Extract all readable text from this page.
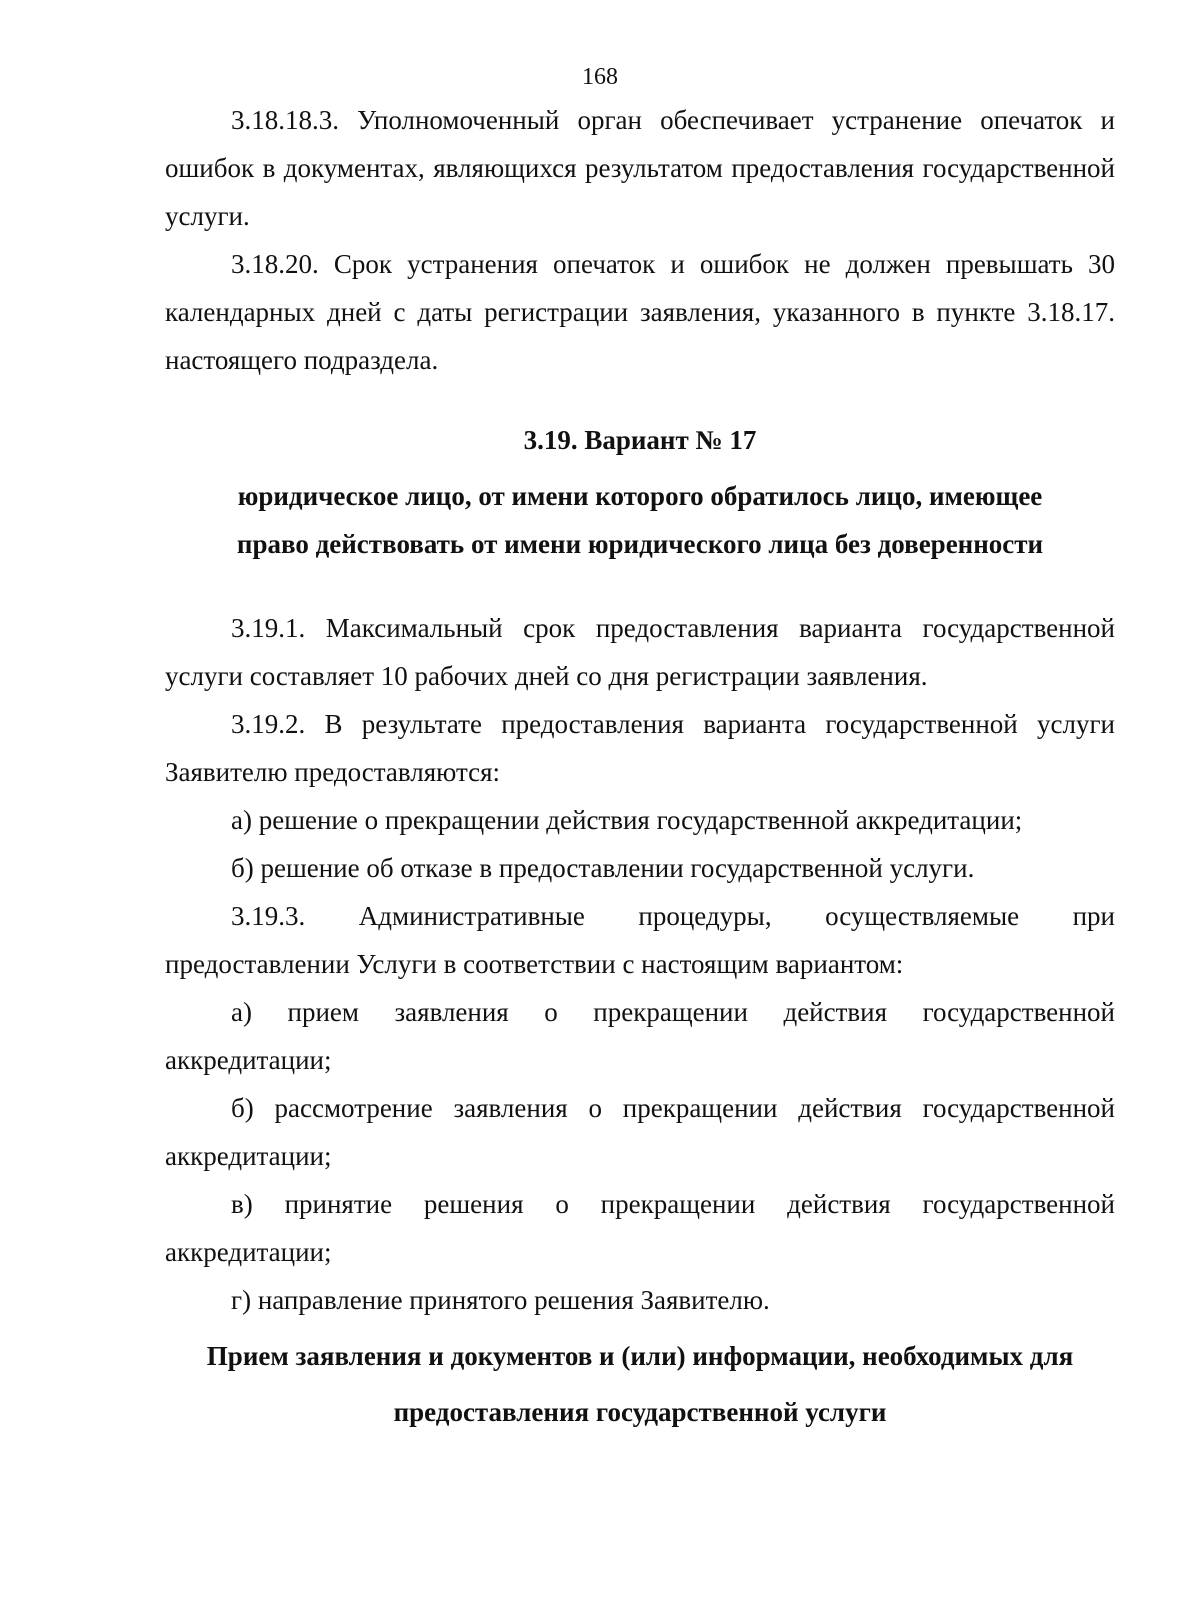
168

3.18.18.3. Уполномоченный орган обеспечивает устранение опечаток и ошибок в документах, являющихся результатом предоставления государственной услуги.

3.18.20. Срок устранения опечаток и ошибок не должен превышать 30 календарных дней с даты регистрации заявления, указанного в пункте 3.18.17. настоящего подраздела.

3.19. Вариант № 17

юридическое лицо, от имени которого обратилось лицо, имеющее

право действовать от имени юридического лица без доверенности

3.19.1. Максимальный срок предоставления варианта государственной услуги составляет 10 рабочих дней со дня регистрации заявления.

3.19.2. В результате предоставления варианта государственной услуги Заявителю предоставляются:

а) решение о прекращении действия государственной аккредитации;

б) решение об отказе в предоставлении государственной услуги.

3.19.3. Административные процедуры, осуществляемые при предоставлении Услуги в соответствии с настоящим вариантом:

а) прием заявления о прекращении действия государственной аккредитации;

б) рассмотрение заявления о прекращении действия государственной аккредитации;

в) принятие решения о прекращении действия государственной аккредитации;

г) направление принятого решения Заявителю.

Прием заявления и документов и (или) информации, необходимых для

предоставления государственной услуги
